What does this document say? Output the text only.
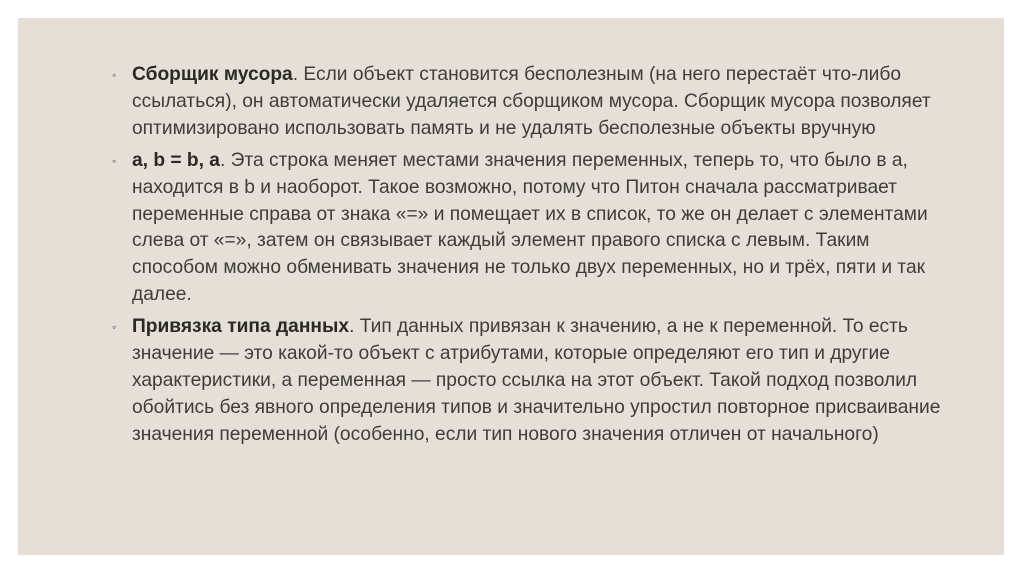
◦ Сборщик мусора. Если объект становится бесполезным (на него перестаёт что-либо ссылаться), он автоматически удаляется сборщиком мусора. Сборщик мусора позволяет оптимизировано использовать память и не удалять бесполезные объекты вручную
◦ a, b = b, a. Эта строка меняет местами значения переменных, теперь то, что было в а, находится в b и наоборот. Такое возможно, потому что Питон сначала рассматривает переменные справа от знака «=» и помещает их в список, то же он делает с элементами слева от «=», затем он связывает каждый элемент правого списка с левым. Таким способом можно обменивать значения не только двух переменных, но и трёх, пяти и так далее.
◦ Привязка типа данных. Тип данных привязан к значению, а не к переменной. То есть значение — это какой-то объект с атрибутами, которые определяют его тип и другие характеристики, а переменная — просто ссылка на этот объект. Такой подход позволил обойтись без явного определения типов и значительно упростил повторное присваивание значения переменной (особенно, если тип нового значения отличен от начального)
